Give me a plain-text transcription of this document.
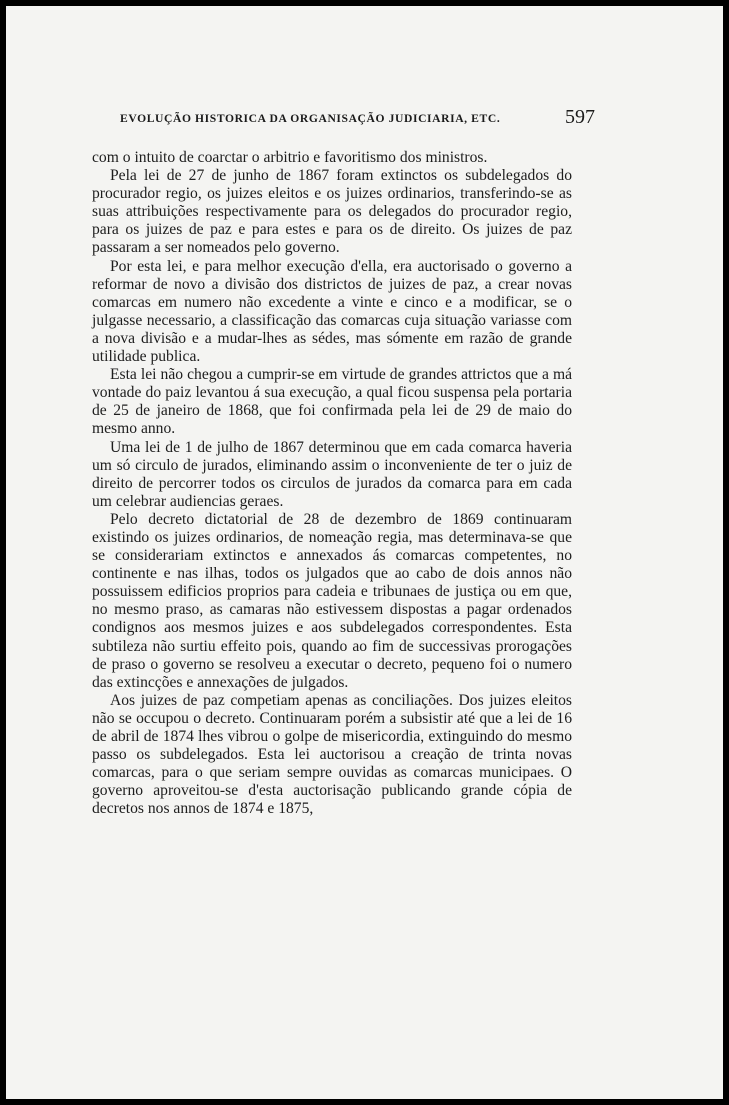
EVOLUÇÃO HISTORICA DA ORGANISAÇÃO JUDICIARIA, ETC.	597

com o intuito de coarctar o arbitrio e favoritismo dos ministros.

Pela lei de 27 de junho de 1867 foram extinctos os subdelegados do procurador regio, os juizes eleitos e os juizes ordinarios, transferindo-se as suas attribuições respectivamente para os delegados do procurador regio, para os juizes de paz e para estes e para os de direito. Os juizes de paz passaram a ser nomeados pelo governo.

Por esta lei, e para melhor execução d'ella, era auctorisado o governo a reformar de novo a divisão dos districtos de juizes de paz, a crear novas comarcas em numero não excedente a vinte e cinco e a modificar, se o julgasse necessario, a classificação das comarcas cuja situação variasse com a nova divisão e a mudar-lhes as sédes, mas sómente em razão de grande utilidade publica.

Esta lei não chegou a cumprir-se em virtude de grandes attrictos que a má vontade do paiz levantou á sua execução, a qual ficou suspensa pela portaria de 25 de janeiro de 1868, que foi confirmada pela lei de 29 de maio do mesmo anno.

Uma lei de 1 de julho de 1867 determinou que em cada comarca haveria um só circulo de jurados, eliminando assim o inconveniente de ter o juiz de direito de percorrer todos os circulos de jurados da comarca para em cada um celebrar audiencias geraes.

Pelo decreto dictatorial de 28 de dezembro de 1869 continuaram existindo os juizes ordinarios, de nomeação regia, mas determinava-se que se considerariam extinctos e annexados ás comarcas competentes, no continente e nas ilhas, todos os julgados que ao cabo de dois annos não possuissem edificios proprios para cadeia e tribunaes de justiça ou em que, no mesmo praso, as camaras não estivessem dispostas a pagar ordenados condignos aos mesmos juizes e aos subdelegados correspondentes. Esta subtileza não surtiu effeito pois, quando ao fim de successivas prorogações de praso o governo se resolveu a executar o decreto, pequeno foi o numero das extincções e annexações de julgados.

Aos juizes de paz competiam apenas as conciliações. Dos juizes eleitos não se occupou o decreto. Continuaram porém a subsistir até que a lei de 16 de abril de 1874 lhes vibrou o golpe de misericordia, extinguindo do mesmo passo os subdelegados. Esta lei auctorisou a creação de trinta novas comarcas, para o que seriam sempre ouvidas as comarcas municipaes. O governo aproveitou-se d'esta auctorisação publicando grande cópia de decretos nos annos de 1874 e 1875,
